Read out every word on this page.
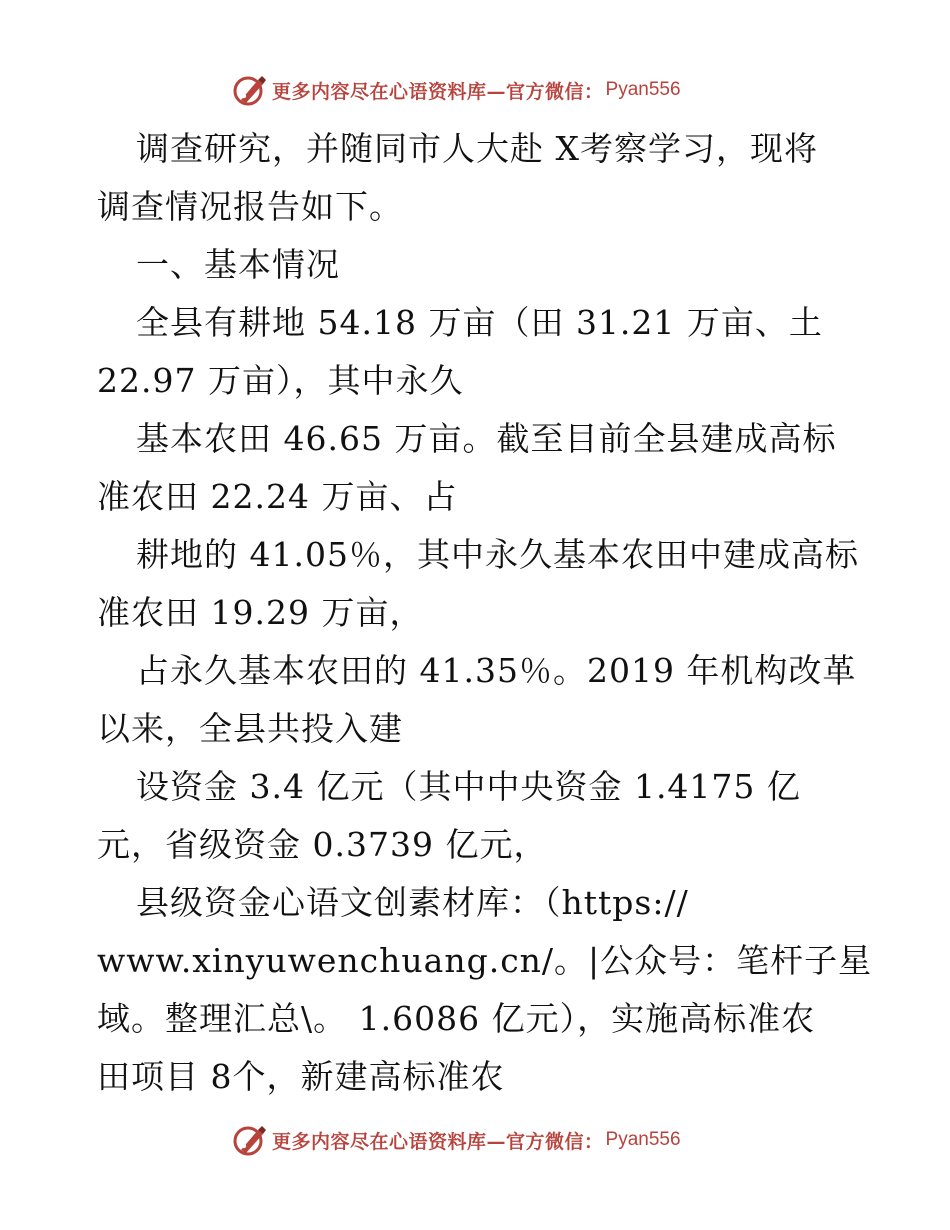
更多内容尽在心语资料库—官方微信： Pyan556
调查研究，并随同市人大赴 X考察学习，现将
调查情况报告如下。
一、基本情况
全县有耕地 54.18 万亩（田 31.21 万亩、土
22.97 万亩），其中永久
基本农田 46.65 万亩。截至目前全县建成高标
准农田 22.24 万亩、占
耕地的 41.05％，其中永久基本农田中建成高标
准农田 19.29 万亩，
占永久基本农田的 41.35％。2019 年机构改革
以来，全县共投入建
设资金 3.4 亿元（其中中央资金 1.4175 亿
元，省级资金 0.3739 亿元，
县级资金心语文创素材库：（https://
www.xinyuwenchuang.cn/。|公众号：笔杆子星
域。整理汇总\。 1.6086 亿元），实施高标准农
田项目 8个，新建高标准农
更多内容尽在心语资料库—官方微信： Pyan556
